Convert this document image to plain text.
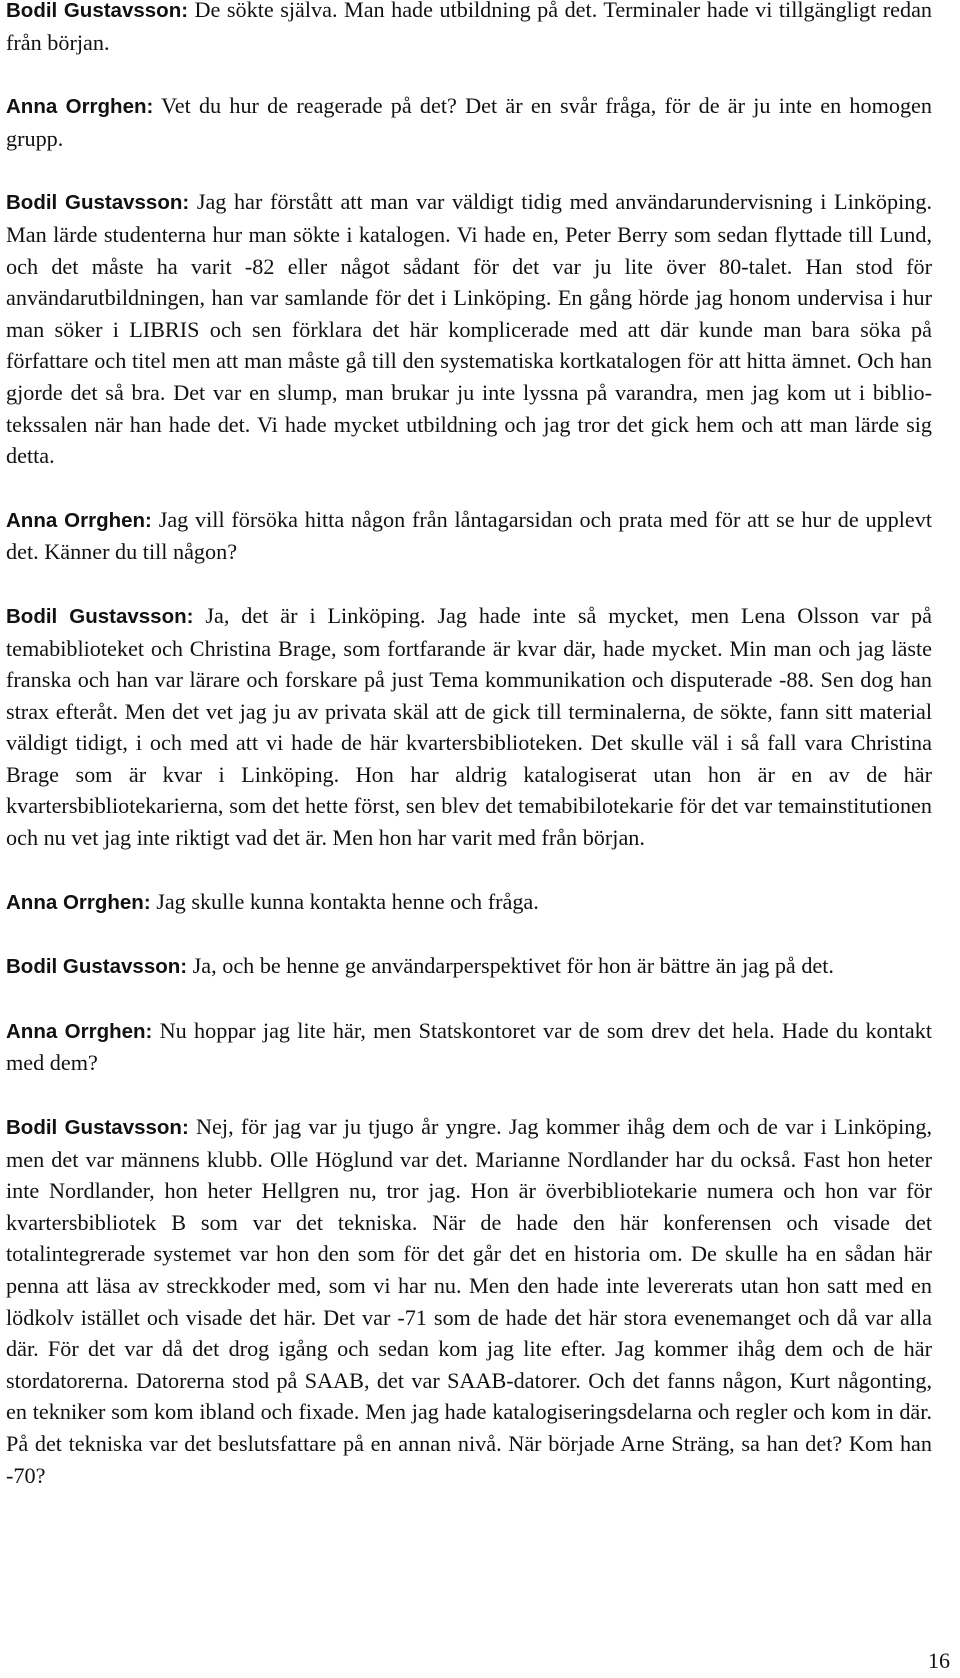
Bodil Gustavsson: De sökte själva. Man hade utbildning på det. Terminaler hade vi tillgängligt redan från början.

Anna Orrghen: Vet du hur de reagerade på det? Det är en svår fråga, för de är ju inte en homogen grupp.

Bodil Gustavsson: Jag har förstått att man var väldigt tidig med användarundervisning i Linköping. Man lärde studenterna hur man sökte i katalogen. Vi hade en, Peter Berry som sedan flyttade till Lund, och det måste ha varit -82 eller något sådant för det var ju lite över 80-talet. Han stod för användarutbildningen, han var samlande för det i Linköping. En gång hörde jag honom undervisa i hur man söker i LIBRIS och sen förklara det här komplicerade med att där kunde man bara söka på författare och titel men att man måste gå till den systematiska kortkatalogen för att hitta ämnet. Och han gjorde det så bra. Det var en slump, man brukar ju inte lyssna på varandra, men jag kom ut i bibliotekssalen när han hade det. Vi hade mycket utbildning och jag tror det gick hem och att man lärde sig detta.

Anna Orrghen: Jag vill försöka hitta någon från låntagarsidan och prata med för att se hur de upplevt det. Känner du till någon?

Bodil Gustavsson: Ja, det är i Linköping. Jag hade inte så mycket, men Lena Olsson var på temabiblioteket och Christina Brage, som fortfarande är kvar där, hade mycket. Min man och jag läste franska och han var lärare och forskare på just Tema kommunikation och disputerade -88. Sen dog han strax efteråt. Men det vet jag ju av privata skäl att de gick till terminalerna, de sökte, fann sitt material väldigt tidigt, i och med att vi hade de här kvartersbiblioteken. Det skulle väl i så fall vara Christina Brage som är kvar i Linköping. Hon har aldrig katalogiserat utan hon är en av de här kvartersbibliotekarierna, som det hette först, sen blev det temabibilotekarie för det var temainstitutionen och nu vet jag inte riktigt vad det är. Men hon har varit med från början.

Anna Orrghen: Jag skulle kunna kontakta henne och fråga.

Bodil Gustavsson: Ja, och be henne ge användarperspektivet för hon är bättre än jag på det.

Anna Orrghen: Nu hoppar jag lite här, men Statskontoret var de som drev det hela. Hade du kontakt med dem?

Bodil Gustavsson: Nej, för jag var ju tjugo år yngre. Jag kommer ihåg dem och de var i Linköping, men det var männens klubb. Olle Höglund var det. Marianne Nordlander har du också. Fast hon heter inte Nordlander, hon heter Hellgren nu, tror jag. Hon är överbibliotekarie numera och hon var för kvartersbibliotek B som var det tekniska. När de hade den här konferensen och visade det totalintegrerade systemet var hon den som för det går det en historia om. De skulle ha en sådan här penna att läsa av streckkoder med, som vi har nu. Men den hade inte levererats utan hon satt med en lödkolv istället och visade det här. Det var -71 som de hade det här stora evenemanget och då var alla där. För det var då det drog igång och sedan kom jag lite efter. Jag kommer ihåg dem och de här stordatorerna. Datorerna stod på SAAB, det var SAAB-datorer. Och det fanns någon, Kurt någonting, en tekniker som kom ibland och fixade. Men jag hade katalogiseringsdelarna och regler och kom in där. På det tekniska var det beslutsfattare på en annan nivå. När började Arne Sträng, sa han det? Kom han -70?

16
